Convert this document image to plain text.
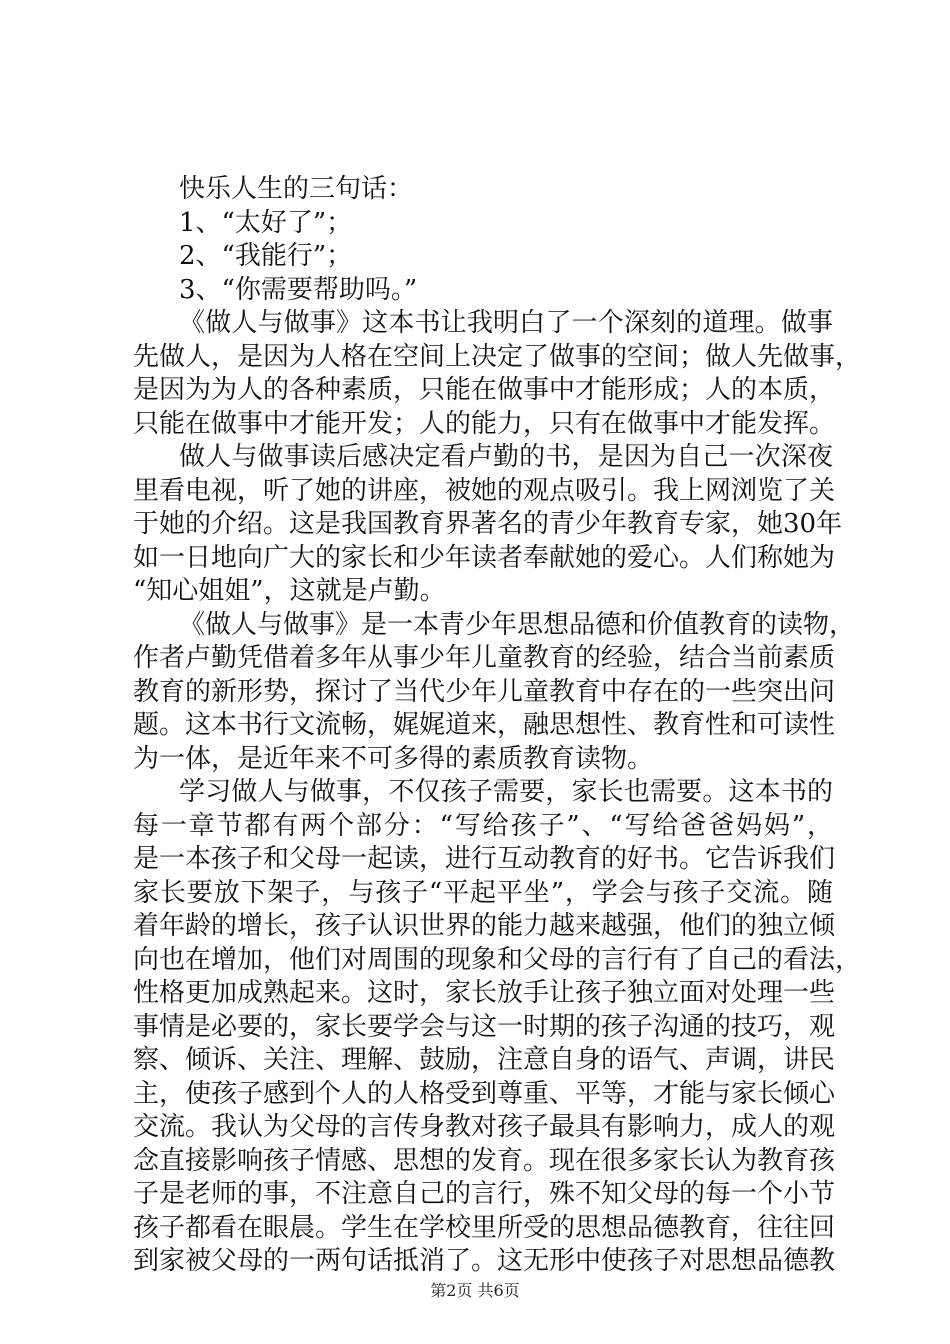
快乐人生的三句话：
1、“太好了”；
2、“我能行”；
3、“你需要帮助吗。”
《做人与做事》这本书让我明白了一个深刻的道理。做事
先做人，是因为人格在空间上决定了做事的空间；做人先做事，
是因为为人的各种素质，只能在做事中才能形成；人的本质，
只能在做事中才能开发；人的能力，只有在做事中才能发挥。
做人与做事读后感决定看卢勤的书，是因为自己一次深夜
里看电视，听了她的讲座，被她的观点吸引。我上网浏览了关
于她的介绍。这是我国教育界著名的青少年教育专家，她30年
如一日地向广大的家长和少年读者奉献她的爱心。人们称她为
“知心姐姐”，这就是卢勤。
《做人与做事》是一本青少年思想品德和价值教育的读物，
作者卢勤凭借着多年从事少年儿童教育的经验，结合当前素质
教育的新形势，探讨了当代少年儿童教育中存在的一些突出问
题。这本书行文流畅，娓娓道来，融思想性、教育性和可读性
为一体，是近年来不可多得的素质教育读物。
学习做人与做事，不仅孩子需要，家长也需要。这本书的
每一章节都有两个部分：“写给孩子”、“写给爸爸妈妈”，
是一本孩子和父母一起读，进行互动教育的好书。它告诉我们
家长要放下架子，与孩子“平起平坐”，学会与孩子交流。随
着年龄的增长，孩子认识世界的能力越来越强，他们的独立倾
向也在增加，他们对周围的现象和父母的言行有了自己的看法，
性格更加成熟起来。这时，家长放手让孩子独立面对处理一些
事情是必要的，家长要学会与这一时期的孩子沟通的技巧，观
察、倾诉、关注、理解、鼓励，注意自身的语气、声调，讲民
主，使孩子感到个人的人格受到尊重、平等，才能与家长倾心
交流。我认为父母的言传身教对孩子最具有影响力，成人的观
念直接影响孩子情感、思想的发育。现在很多家长认为教育孩
子是老师的事，不注意自己的言行，殊不知父母的每一个小节
孩子都看在眼晨。学生在学校里所受的思想品德教育，往往回
到家被父母的一两句话抵消了。这无形中使孩子对思想品德教
第2页 共6页
